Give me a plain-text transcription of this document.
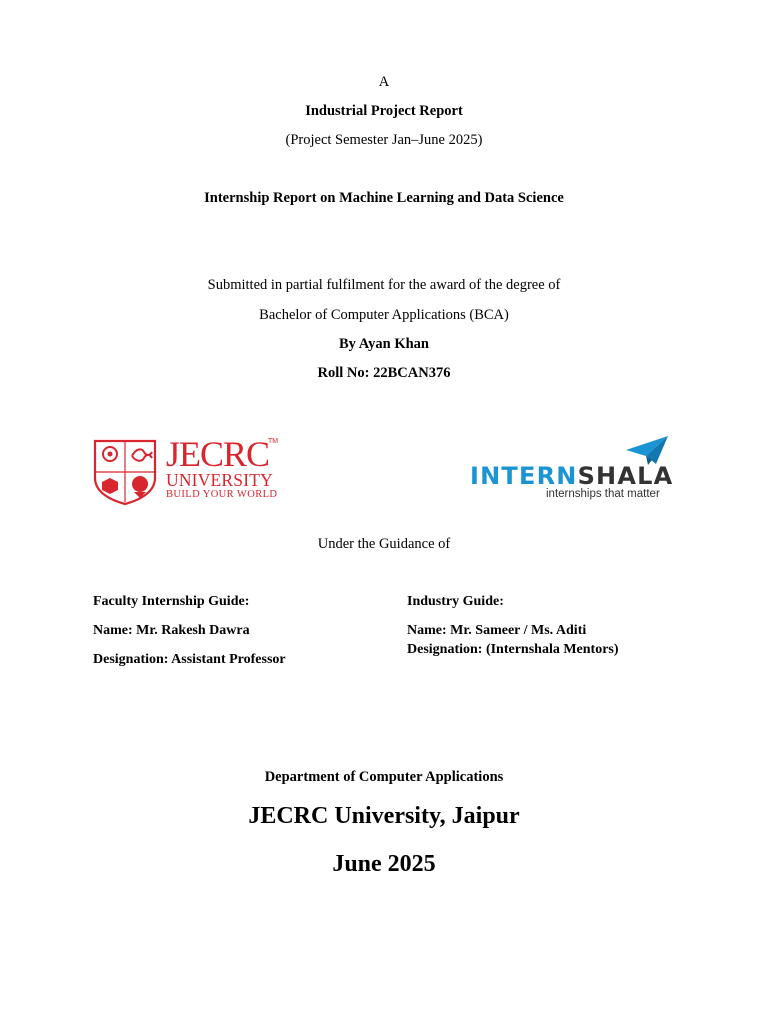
A
Industrial Project Report
(Project Semester Jan–June 2025)
Internship Report on Machine Learning and Data Science
Submitted in partial fulfilment for the award of the degree of
Bachelor of Computer Applications (BCA)
By Ayan Khan
Roll No: 22BCAN376
JECRC
TM
UNIVERSITY
BUILD YOUR WORLD
INTERNSHALA
internships that matter
Under the Guidance of
Faculty Internship Guide:
Name: Mr. Rakesh Dawra
Designation: Assistant Professor
Industry Guide:
Name: Mr. Sameer / Ms. Aditi
Designation: (Internshala Mentors)
Department of Computer Applications
JECRC University, Jaipur
June 2025
